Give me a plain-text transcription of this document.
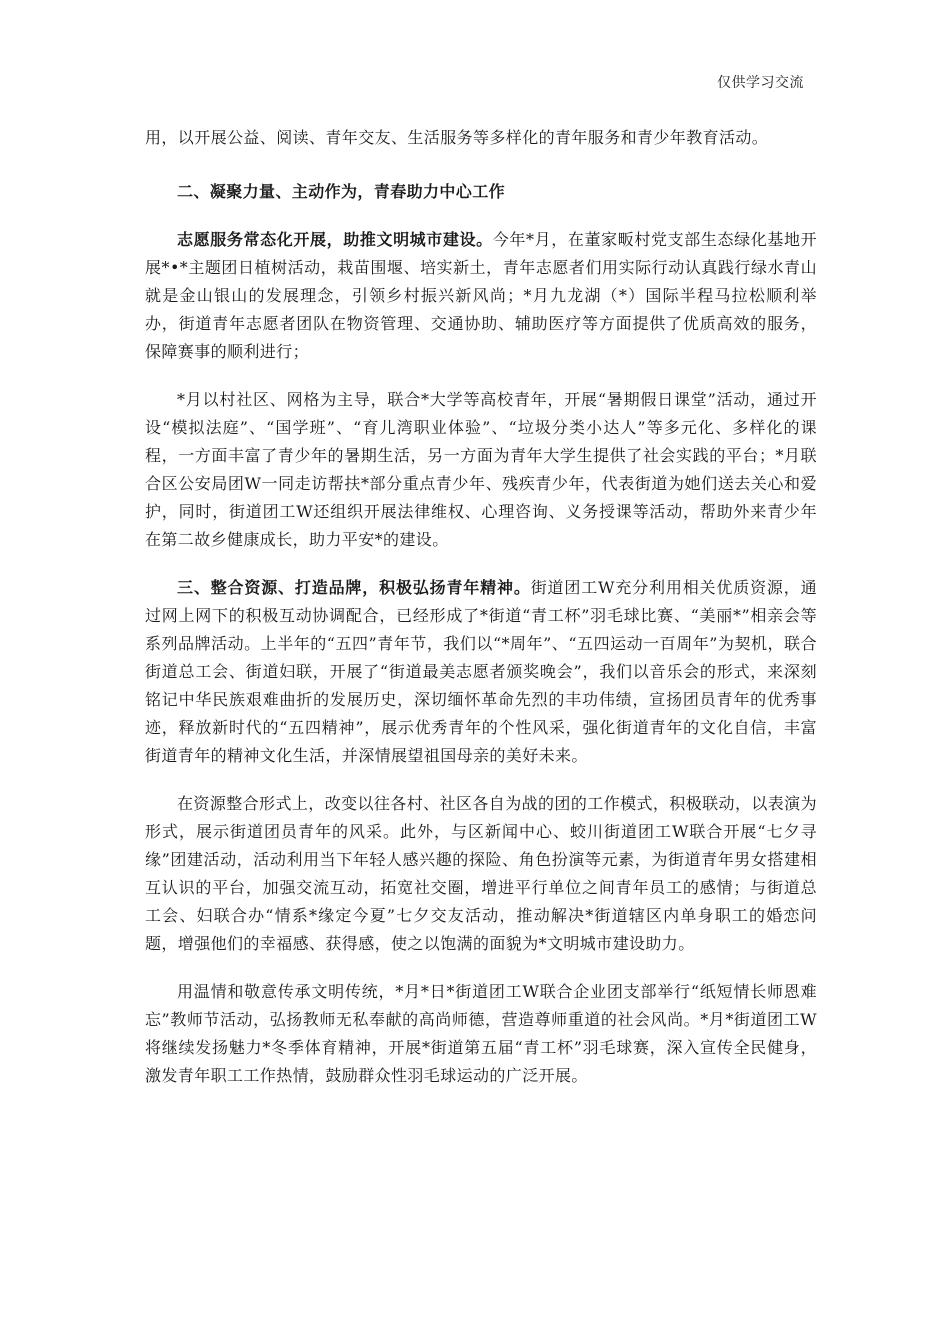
仅供学习交流

用，以开展公益、阅读、青年交友、生活服务等多样化的青年服务和青少年教育活动。

二、凝聚力量、主动作为，青春助力中心工作

志愿服务常态化开展，助推文明城市建设。今年*月，在董家畈村党支部生态绿化基地开展*•*主题团日植树活动，栽苗围堰、培实新土，青年志愿者们用实际行动认真践行绿水青山就是金山银山的发展理念，引领乡村振兴新风尚；*月九龙湖（*）国际半程马拉松顺利举办，街道青年志愿者团队在物资管理、交通协助、辅助医疗等方面提供了优质高效的服务，保障赛事的顺利进行；

*月以村社区、网格为主导，联合*大学等高校青年，开展“暑期假日课堂”活动，通过开设“模拟法庭”、“国学班”、“育儿湾职业体验”、“垃圾分类小达人”等多元化、多样化的课程，一方面丰富了青少年的暑期生活，另一方面为青年大学生提供了社会实践的平台；*月联合区公安局团W一同走访帮扶*部分重点青少年、残疾青少年，代表街道为她们送去关心和爱护，同时，街道团工W还组织开展法律维权、心理咨询、义务授课等活动，帮助外来青少年在第二故乡健康成长，助力平安*的建设。

三、整合资源、打造品牌，积极弘扬青年精神。街道团工W充分利用相关优质资源，通过网上网下的积极互动协调配合，已经形成了*街道“青工杯”羽毛球比赛、“美丽*”相亲会等系列品牌活动。上半年的“五四”青年节，我们以“*周年”、“五四运动一百周年”为契机，联合街道总工会、街道妇联，开展了“街道最美志愿者颁奖晚会”，我们以音乐会的形式，来深刻铭记中华民族艰难曲折的发展历史，深切缅怀革命先烈的丰功伟绩，宣扬团员青年的优秀事迹，释放新时代的“五四精神”，展示优秀青年的个性风采，强化街道青年的文化自信，丰富街道青年的精神文化生活，并深情展望祖国母亲的美好未来。

在资源整合形式上，改变以往各村、社区各自为战的团的工作模式，积极联动，以表演为形式，展示街道团员青年的风采。此外，与区新闻中心、蛟川街道团工W联合开展“七夕寻缘”团建活动，活动利用当下年轻人感兴趣的探险、角色扮演等元素，为街道青年男女搭建相互认识的平台，加强交流互动，拓宽社交圈，增进平行单位之间青年员工的感情；与街道总工会、妇联合办“情系*缘定今夏”七夕交友活动，推动解决*街道辖区内单身职工的婚恋问题，增强他们的幸福感、获得感，使之以饱满的面貌为*文明城市建设助力。

用温情和敬意传承文明传统，*月*日*街道团工W联合企业团支部举行“纸短情长师恩难忘”教师节活动，弘扬教师无私奉献的高尚师德，营造尊师重道的社会风尚。*月*街道团工W将继续发扬魅力*冬季体育精神，开展*街道第五届“青工杯”羽毛球赛，深入宣传全民健身，激发青年职工工作热情，鼓励群众性羽毛球运动的广泛开展。
